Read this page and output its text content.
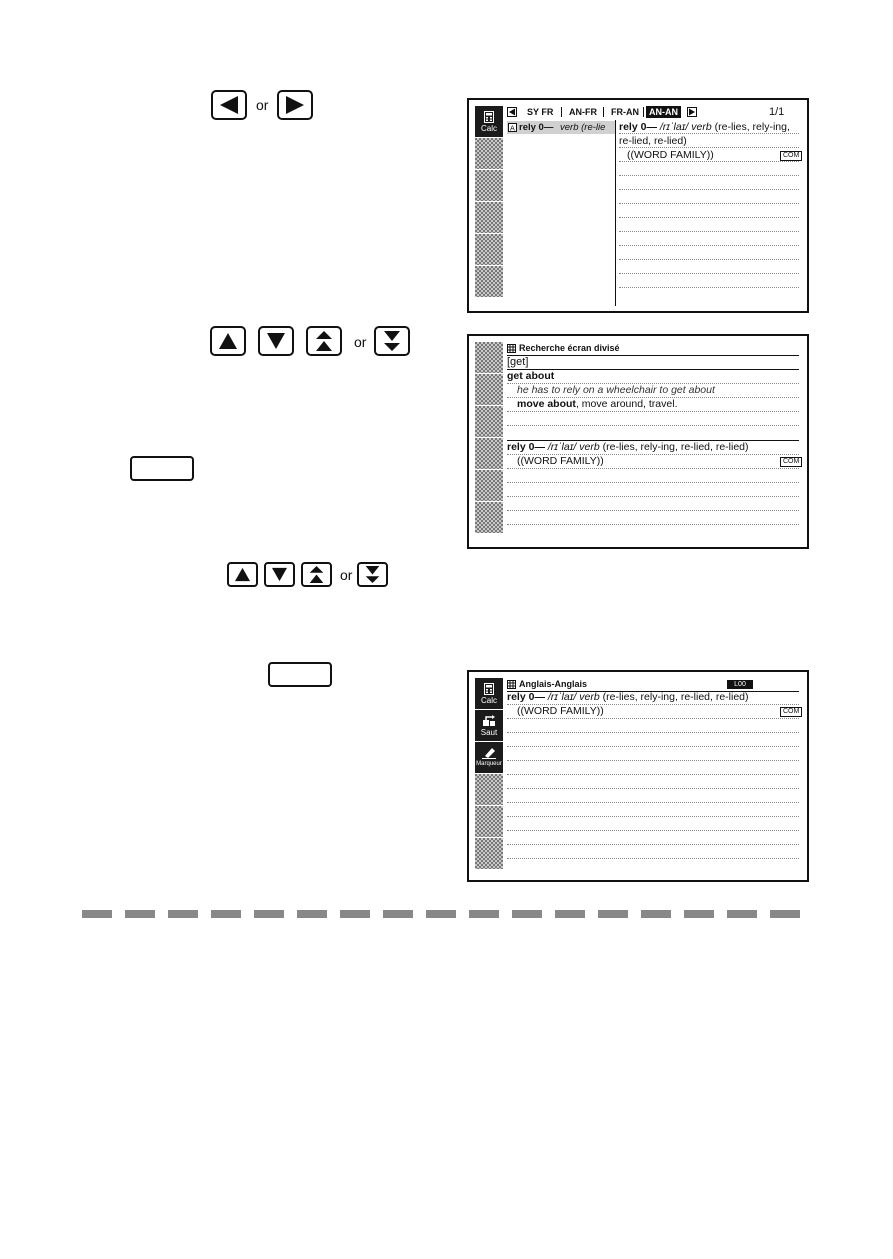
or
Calc
SY FR AN-FR FR-AN	AN-AN	1/1
A rely 0— verb (re-lie	rely 0— /rɪˈlaɪ/ verb (re-lies, rely-ing,
re-lied, re-lied)
((WORD FAMILY))	COM
or	Recherche écran divisé
[get]
get about
he has to rely on a wheelchair to get about
move about, move around, travel.
rely 0— /rɪˈlaɪ/ verb (re-lies, rely-ing, re-lied, re-lied)
((WORD FAMILY))	COM
or
Calc
Saut
Marqueur
Anglais-Anglais	L00
rely 0— /rɪˈlaɪ/ verb (re-lies, rely-ing, re-lied, re-lied)
((WORD FAMILY))	COM
